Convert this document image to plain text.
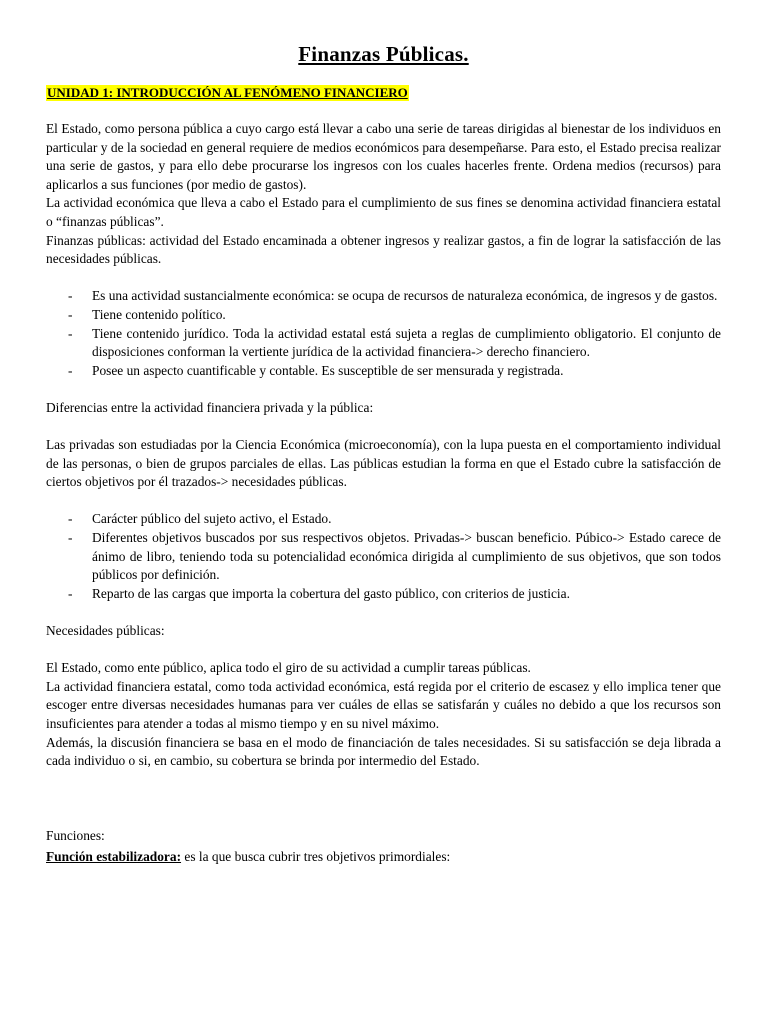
Finanzas Públicas.
UNIDAD 1: INTRODUCCIÓN AL FENÓMENO FINANCIERO

El Estado, como persona pública a cuyo cargo está llevar a cabo una serie de tareas dirigidas al bienestar de los individuos en particular y de la sociedad en general requiere de medios económicos para desempeñarse. Para esto, el Estado precisa realizar una serie de gastos, y para ello debe procurarse los ingresos con los cuales hacerles frente. Ordena medios (recursos) para aplicarlos a sus funciones (por medio de gastos).

La actividad económica que lleva a cabo el Estado para el cumplimiento de sus fines se denomina actividad financiera estatal o “finanzas públicas”.

Finanzas públicas: actividad del Estado encaminada a obtener ingresos y realizar gastos, a fin de lograr la satisfacción de las necesidades públicas.

- Es una actividad sustancialmente económica: se ocupa de recursos de naturaleza económica, de ingresos y de gastos.
- Tiene contenido político.
- Tiene contenido jurídico. Toda la actividad estatal está sujeta a reglas de cumplimiento obligatorio. El conjunto de disposiciones conforman la vertiente jurídica de la actividad financiera-> derecho financiero.
- Posee un aspecto cuantificable y contable. Es susceptible de ser mensurada y registrada.

Diferencias entre la actividad financiera privada y la pública:

Las privadas son estudiadas por la Ciencia Económica (microeconomía), con la lupa puesta en el comportamiento individual de las personas, o bien de grupos parciales de ellas. Las públicas estudian la forma en que el Estado cubre la satisfacción de ciertos objetivos por él trazados-> necesidades públicas.

- Carácter público del sujeto activo, el Estado.
- Diferentes objetivos buscados por sus respectivos objetos. Privadas-> buscan beneficio. Púbico-> Estado carece de ánimo de libro, teniendo toda su potencialidad económica dirigida al cumplimiento de sus objetivos, que son todos públicos por definición.
- Reparto de las cargas que importa la cobertura del gasto público, con criterios de justicia.

Necesidades públicas:

El Estado, como ente público, aplica todo el giro de su actividad a cumplir tareas públicas.

La actividad financiera estatal, como toda actividad económica, está regida por el criterio de escasez y ello implica tener que escoger entre diversas necesidades humanas para ver cuáles de ellas se satisfarán y cuáles no debido a que los recursos son insuficientes para atender a todas al mismo tiempo y en su nivel máximo.

Además, la discusión financiera se basa en el modo de financiación de tales necesidades. Si su satisfacción se deja librada a cada individuo o si, en cambio, su cobertura se brinda por intermedio del Estado.

Funciones:

Función estabilizadora: es la que busca cubrir tres objetivos primordiales:
